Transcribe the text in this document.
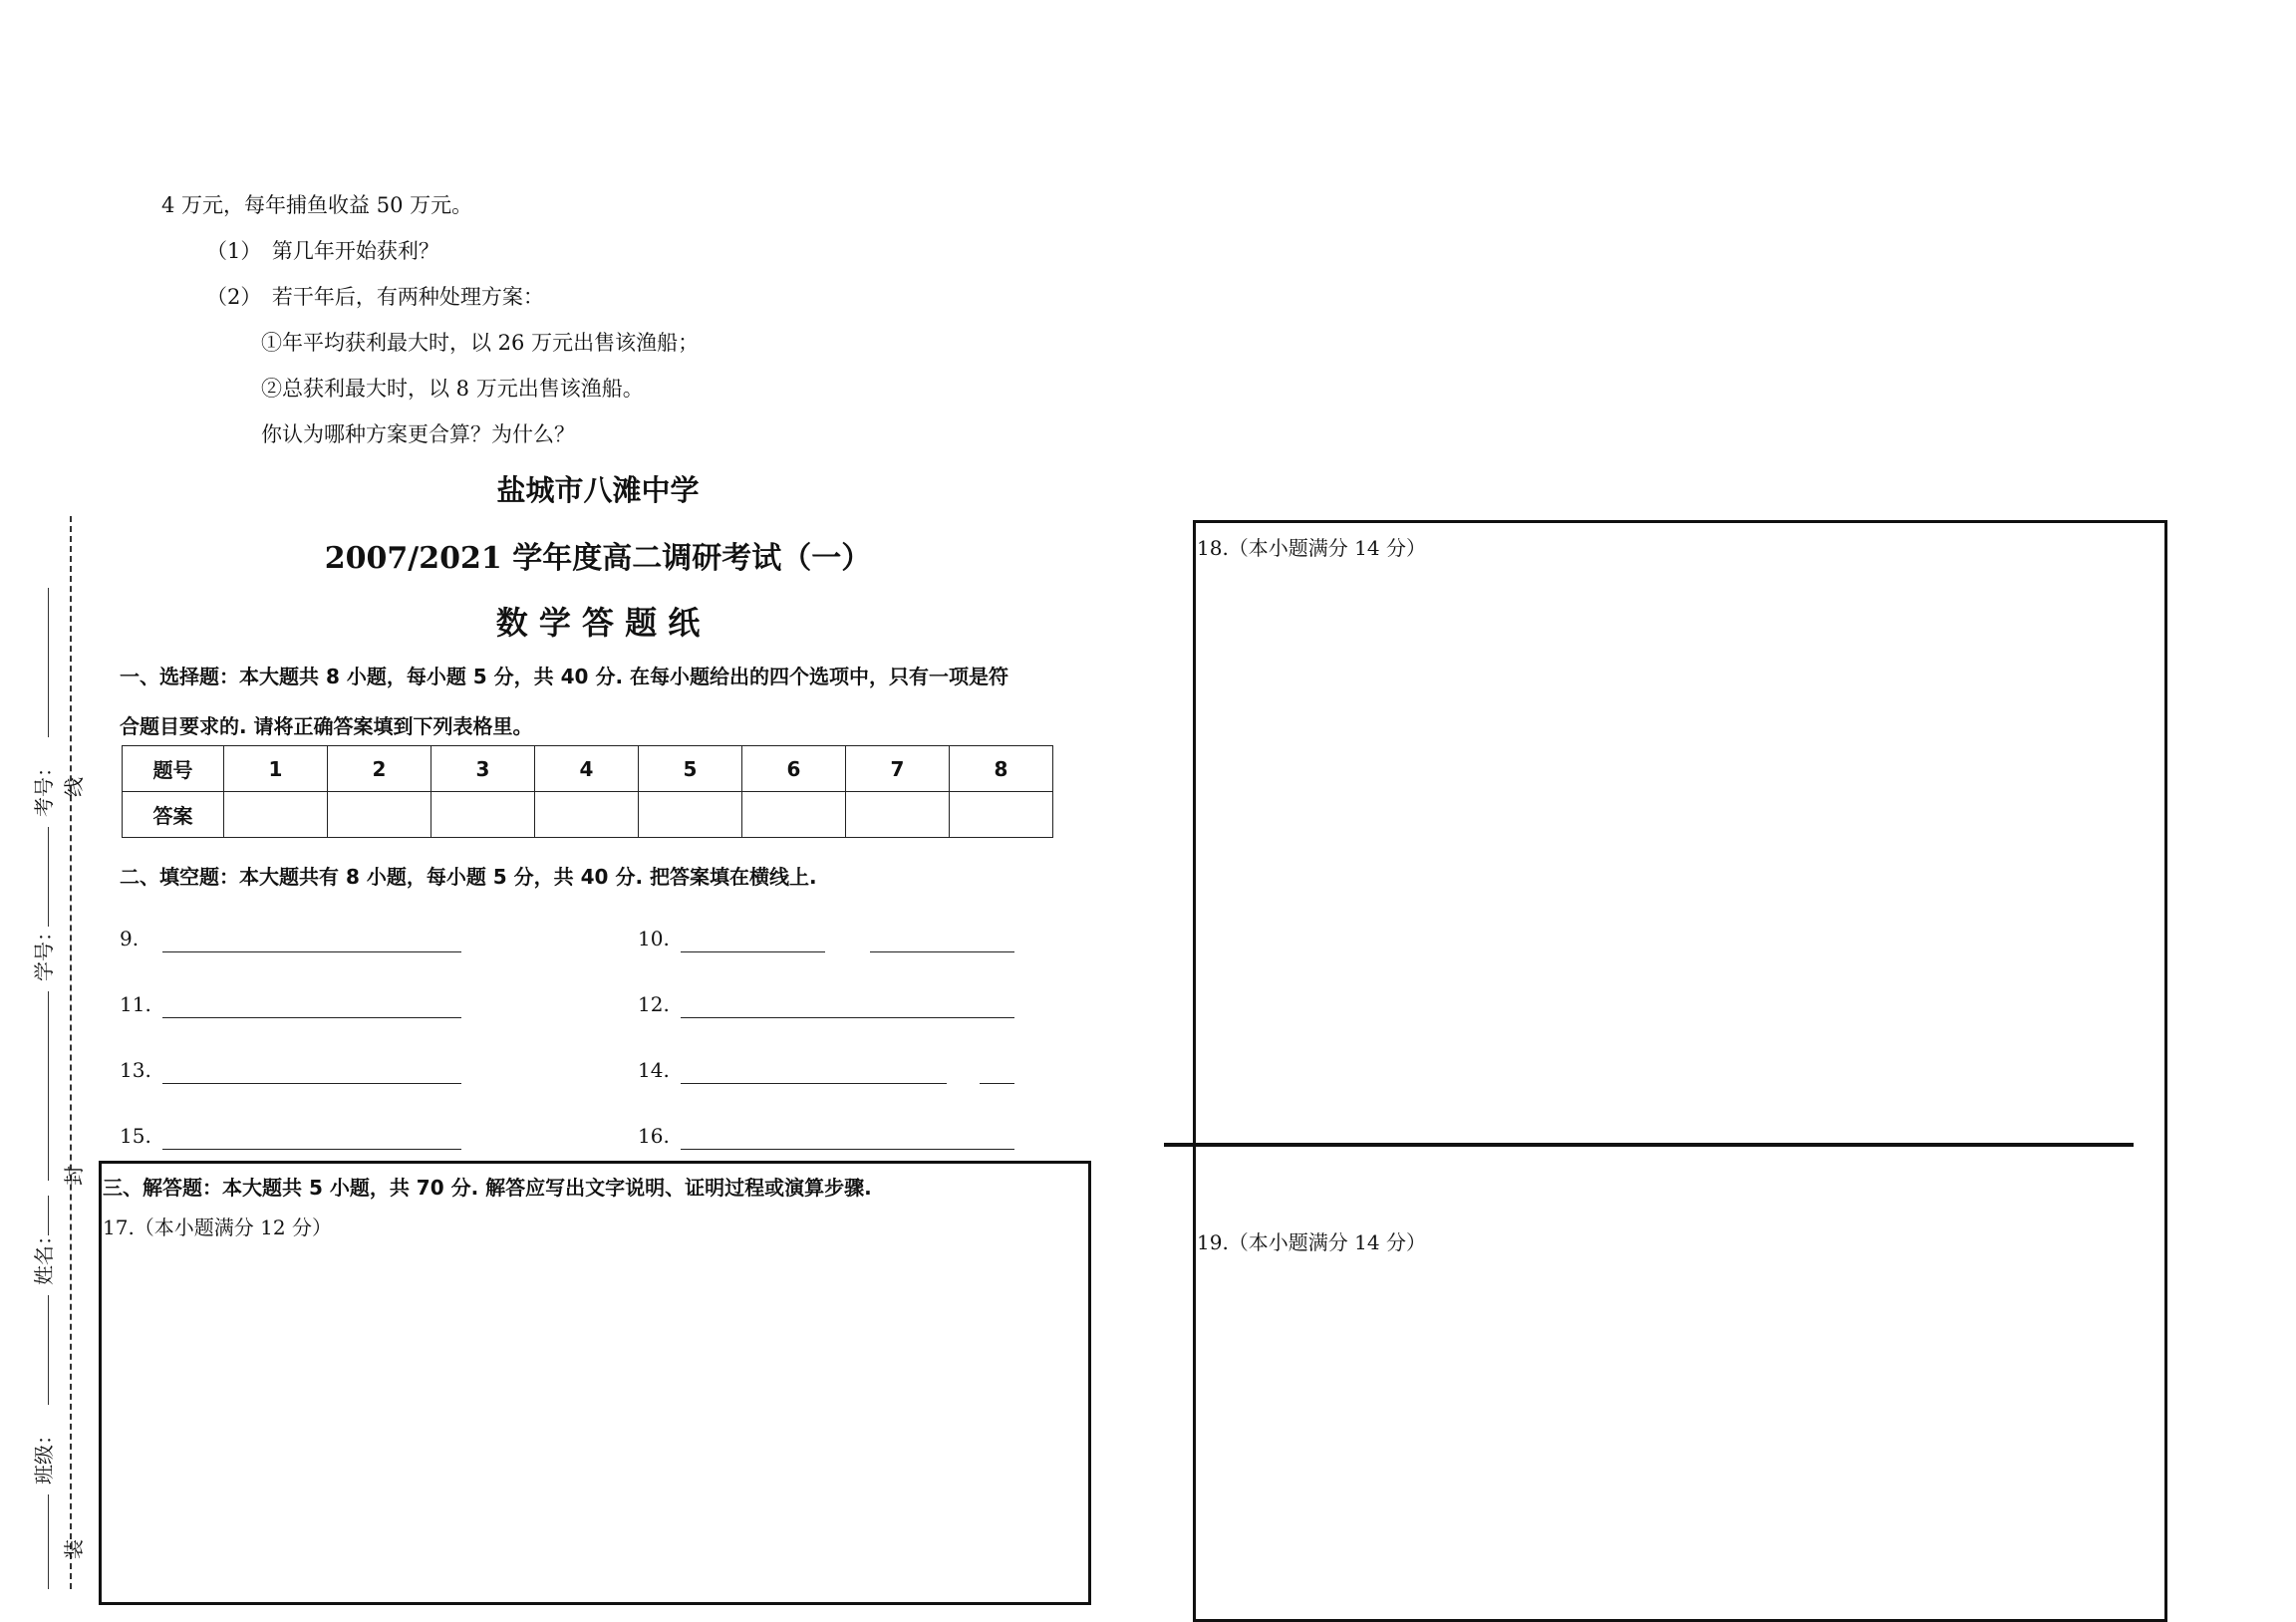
4 万元，每年捕鱼收益 50 万元。
（1）　第几年开始获利？
（2）　若干年后，有两种处理方案：
①年平均获利最大时，以 26 万元出售该渔船；
②总获利最大时，以 8 万元出售该渔船。
你认为哪种方案更合算？为什么？
盐城市八滩中学
2007/2021 学年度高二调研考试（一）
数 学 答 题 纸
考号： 线
学号：
封
姓名：
班级：
装
一、选择题：本大题共 8 小题，每小题 5 分，共 40 分. 在每小题给出的四个选项中，只有一项是符
合题目要求的. 请将正确答案填到下列表格里。
题号	1	2	3	4	5	6	7	8
答案								
二、填空题：本大题共有 8 小题，每小题 5 分，共 40 分. 把答案填在横线上.
9.	10.
11.	12.
13.	14.
15.	16.
三、解答题：本大题共 5 小题，共 70 分. 解答应写出文字说明、证明过程或演算步骤.
17.（本小题满分 12 分）
18.（本小题满分 14 分）
19.（本小题满分 14 分）
